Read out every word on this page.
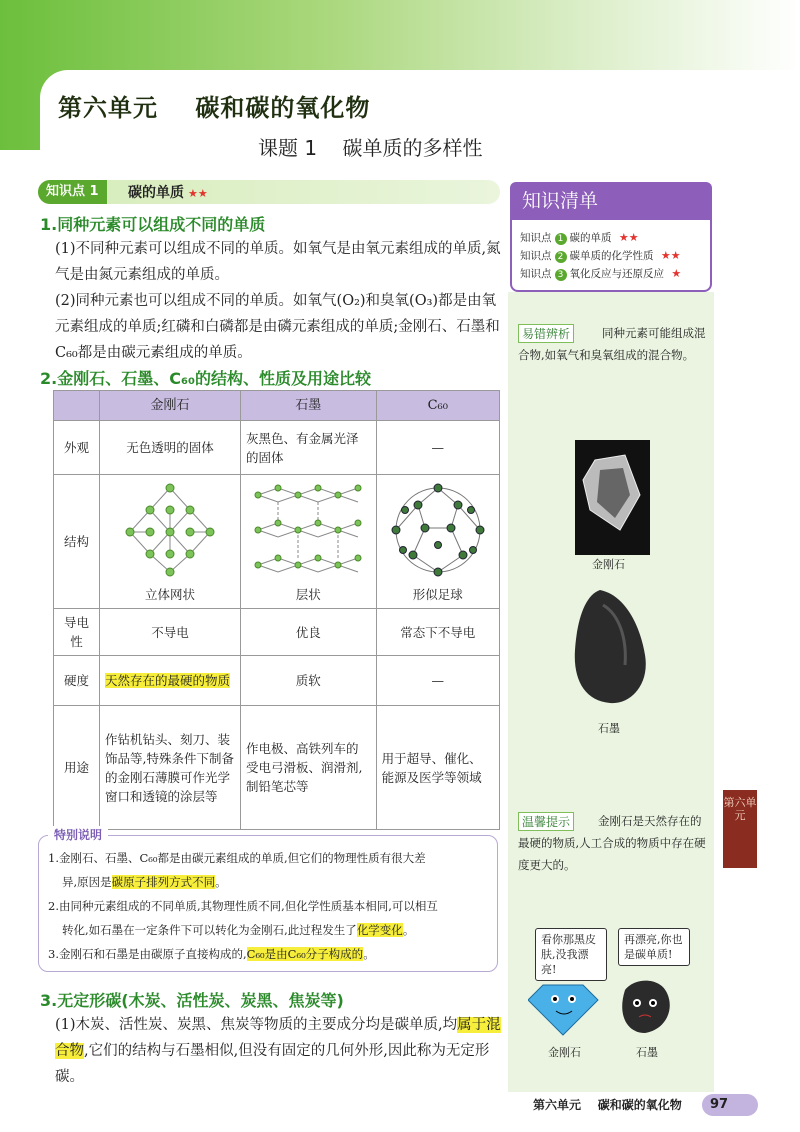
第六单元    碳和碳的氧化物
课题 1    碳单质的多样性
知识点 1	碳的单质 ★★
1.同种元素可以组成不同的单质
(1)不同种元素可以组成不同的单质。如氧气是由氧元素组成的单质,氮气是由氮元素组成的单质。
(2)同种元素也可以组成不同的单质。如氧气(O₂)和臭氧(O₃)都是由氧元素组成的单质;红磷和白磷都是由磷元素组成的单质;金刚石、石墨和C₆₀都是由碳元素组成的单质。
2.金刚石、石墨、C₆₀的结构、性质及用途比较
	金刚石	石墨	C₆₀
外观	无色透明的固体	灰黑色、有金属光泽的固体	—
结构	立体网状	层状	形似足球

导电性	不导电	优良	常态下不导电
硬度	天然存在的最硬的物质	质软	—
用途	作钻机钻头、刻刀、装饰品等,特殊条件下制备的金刚石薄膜可作光学窗口和透镜的涂层等	作电极、高铁列车的受电弓滑板、润滑剂,制铅笔芯等	用于超导、催化、能源及医学等领域
特别说明
1.金刚石、石墨、C₆₀都是由碳元素组成的单质,但它们的物理性质有很大差
异,原因是碳原子排列方式不同。
2.由同种元素组成的不同单质,其物理性质不同,但化学性质基本相同,可以相互
转化,如石墨在一定条件下可以转化为金刚石,此过程发生了化学变化。
3.金刚石和石墨是由碳原子直接构成的,C₆₀是由C₆₀分子构成的。
3.无定形碳(木炭、活性炭、炭黑、焦炭等)
(1)木炭、活性炭、炭黑、焦炭等物质的主要成分均是碳单质,均属于混合物,它们的结构与石墨相似,但没有固定的几何外形,因此称为无定形碳。
知识清单
知识点 1 碳的单质 ★★
知识点 2 碳单质的化学性质 ★★
知识点 3 氧化反应与还原反应 ★
易错辨析	同种元素可能组成混合物,如氧气和臭氧组成的混合物。
金刚石
石墨
温馨提示	金刚石是天然存在的最硬的物质,人工合成的物质中存在硬度更大的。
看你那黑皮肤,没我漂亮!
再漂亮,你也是碳单质!
金刚石	石墨
第六单元
第六单元    碳和碳的氧化物	97
